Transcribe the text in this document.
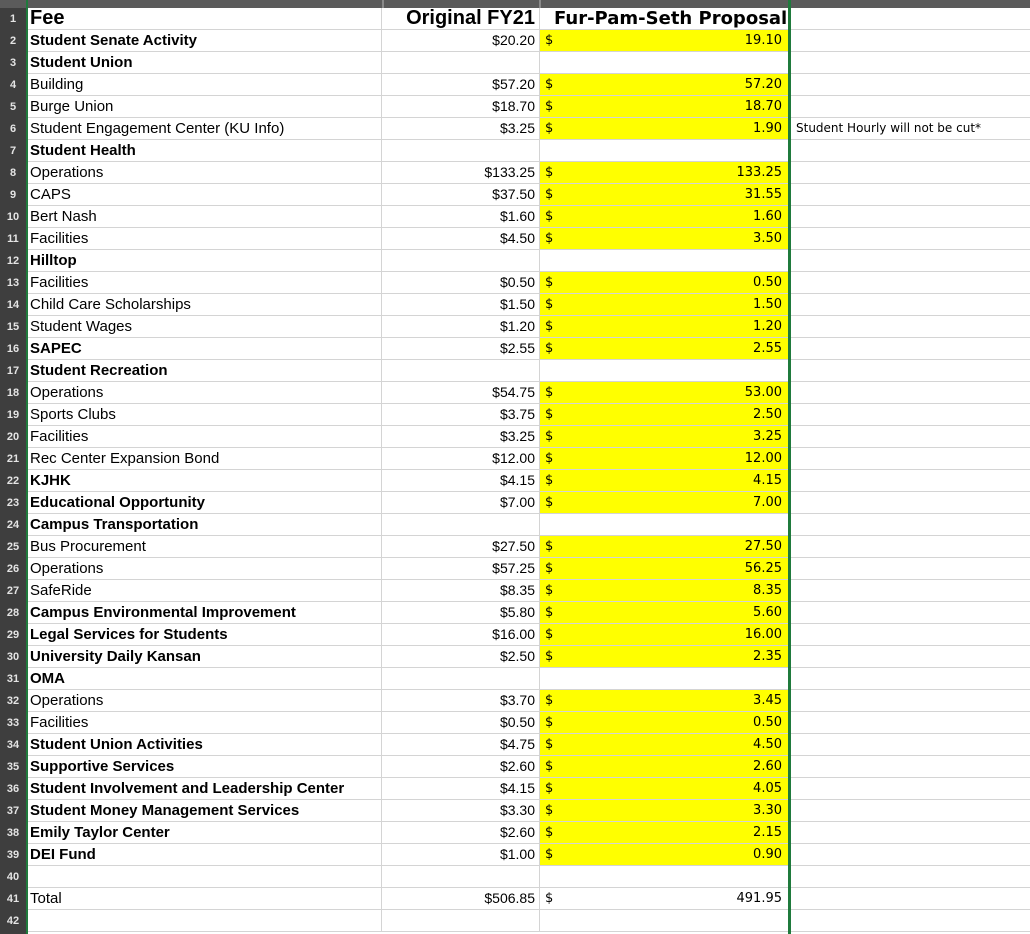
1
2
3
4
5
6
7
8
9
10
11
12
13
14
15
16
17
18
19
20
21
22
23
24
25
26
27
28
29
30
31
32
33
34
35
36
37
38
39
40
41
42
Fee	Original FY21	Fur-Pam-Seth Proposal
Student Senate Activity	$20.20 $	19.10
Student Union
Building	$57.20 $	57.20
Burge Union	$18.70 $	18.70
Student Engagement Center (KU Info)	$3.25 $	1.90	Student Hourly will not be cut*
Student Health
Operations	$133.25 $	133.25
CAPS	$37.50 $	31.55
Bert Nash	$1.60 $	1.60
Facilities	$4.50 $	3.50
Hilltop
Facilities	$0.50 $	0.50
Child Care Scholarships	$1.50 $	1.50
Student Wages	$1.20 $	1.20
SAPEC	$2.55 $	2.55
Student Recreation
Operations	$54.75 $	53.00
Sports Clubs	$3.75 $	2.50
Facilities	$3.25 $	3.25
Rec Center Expansion Bond	$12.00 $	12.00
KJHK	$4.15 $	4.15
Educational Opportunity	$7.00 $	7.00
Campus Transportation
Bus Procurement	$27.50 $	27.50
Operations	$57.25 $	56.25
SafeRide	$8.35 $	8.35
Campus Environmental Improvement	$5.80 $	5.60
Legal Services for Students	$16.00 $	16.00
University Daily Kansan	$2.50 $	2.35
OMA
Operations	$3.70 $	3.45
Facilities	$0.50 $	0.50
Student Union Activities	$4.75 $	4.50
Supportive Services	$2.60 $	2.60
Student Involvement and Leadership Center	$4.15 $	4.05
Student Money Management Services	$3.30 $	3.30
Emily Taylor Center	$2.60 $	2.15
DEI Fund	$1.00 $	0.90
Total	$506.85 $	491.95
